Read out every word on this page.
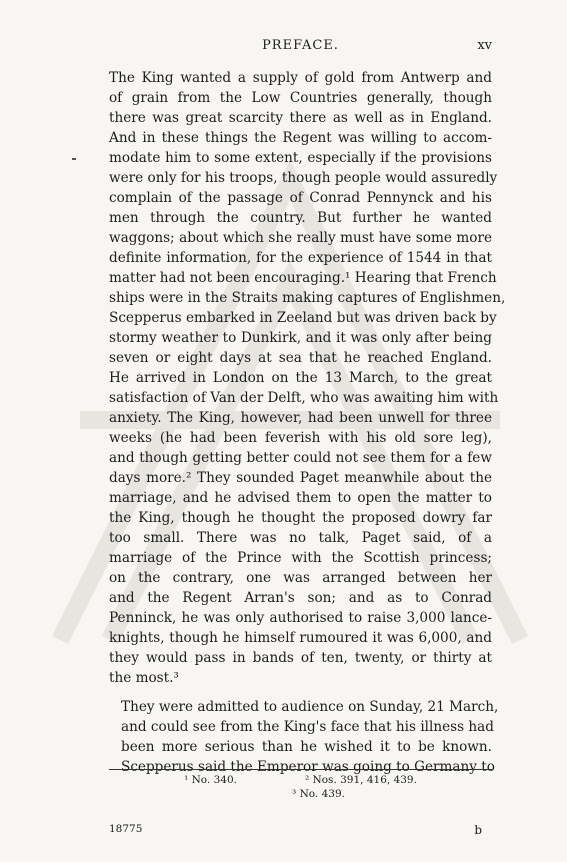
PREFACE.	xv
The King wanted a supply of gold from Antwerp and
of grain from the Low Countries generally, though
there was great scarcity there as well as in England.
And in these things the Regent was willing to accom-
modate him to some extent, especially if the provisions
were only for his troops, though people would assuredly
complain of the passage of Conrad Pennynck and his
men through the country. But further he wanted
waggons; about which she really must have some more
definite information, for the experience of 1544 in that
matter had not been encouraging.¹ Hearing that French
ships were in the Straits making captures of Englishmen,
Scepperus embarked in Zeeland but was driven back by
stormy weather to Dunkirk, and it was only after being
seven or eight days at sea that he reached England.
He arrived in London on the 13 March, to the great
satisfaction of Van der Delft, who was awaiting him with
anxiety. The King, however, had been unwell for three
weeks (he had been feverish with his old sore leg),
and though getting better could not see them for a few
days more.² They sounded Paget meanwhile about the
marriage, and he advised them to open the matter to
the King, though he thought the proposed dowry far
too small. There was no talk, Paget said, of a
marriage of the Prince with the Scottish princess;
on the contrary, one was arranged between her
and the Regent Arran's son; and as to Conrad
Penninck, he was only authorised to raise 3,000 lance-
knights, though he himself rumoured it was 6,000, and
they would pass in bands of ten, twenty, or thirty at
the most.³
They were admitted to audience on Sunday, 21 March,
and could see from the King's face that his illness had
been more serious than he wished it to be known.
Scepperus said the Emperor was going to Germany to
¹ No. 340.	² Nos. 391, 416, 439.
³ No. 439.
18775	b
